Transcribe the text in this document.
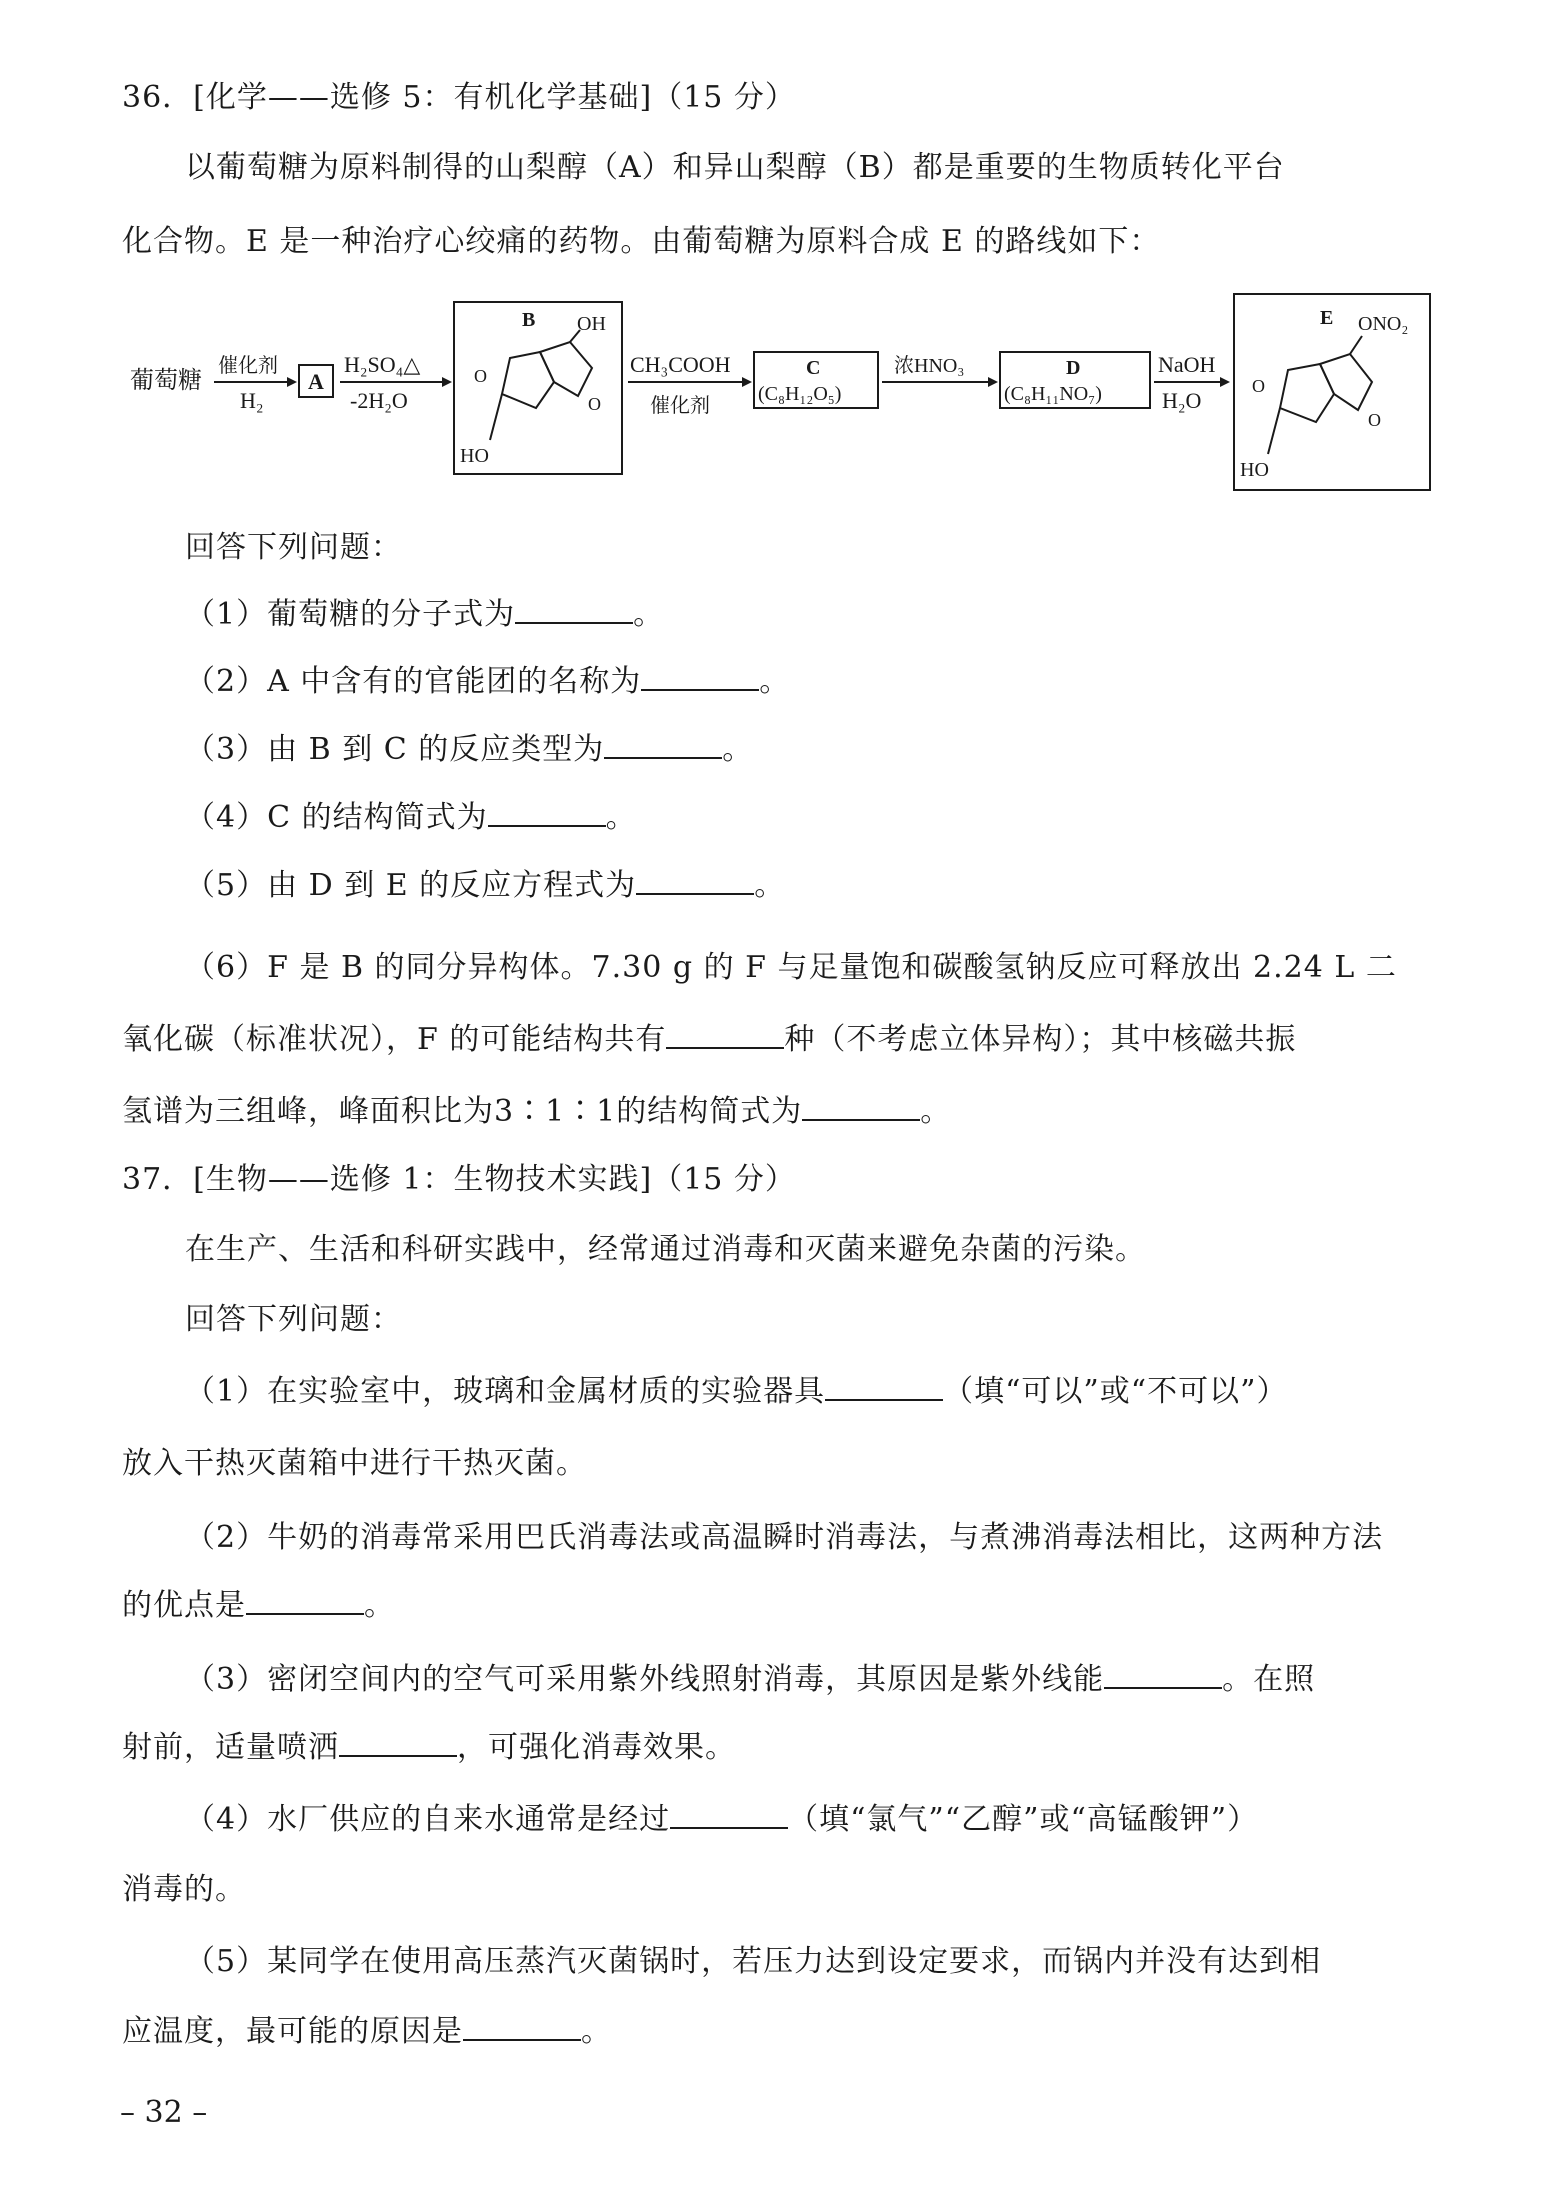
36．[化学——选修 5：有机化学基础]（15 分）
以葡萄糖为原料制得的山梨醇（A）和异山梨醇（B）都是重要的生物质转化平台
化合物。E 是一种治疗心绞痛的药物。由葡萄糖为原料合成 E 的路线如下：
葡萄糖
催化剂
H₂
A
H₂SO₄△
-2H₂O
B OH
HO
O
O
CH₃COOH
催化剂
C
(C₈H₁₂O₅)
浓HNO₃	D
(C₈H₁₁NO₇)
NaOH
H₂O
E ONO₂
HO
O
O
回答下列问题：
（1）葡萄糖的分子式为	。
（2）A 中含有的官能团的名称为	。
（3）由 B 到 C 的反应类型为	。
（4）C 的结构简式为	。
（5）由 D 到 E 的反应方程式为	。
（6）F 是 B 的同分异构体。7.30 g 的 F 与足量饱和碳酸氢钠反应可释放出 2.24 L 二
氧化碳（标准状况），F 的可能结构共有	种（不考虑立体异构）；其中核磁共振
氢谱为三组峰，峰面积比为3∶1∶1的结构简式为	。
37．[生物——选修 1：生物技术实践]（15 分）
在生产、生活和科研实践中，经常通过消毒和灭菌来避免杂菌的污染。
回答下列问题：
（1）在实验室中，玻璃和金属材质的实验器具	（填“可以”或“不可以”）
放入干热灭菌箱中进行干热灭菌。
（2）牛奶的消毒常采用巴氏消毒法或高温瞬时消毒法，与煮沸消毒法相比，这两种方法
的优点是	。
（3）密闭空间内的空气可采用紫外线照射消毒，其原因是紫外线能	。在照
射前，适量喷洒	，可强化消毒效果。
（4）水厂供应的自来水通常是经过	（填“氯气”“乙醇”或“高锰酸钾”）
消毒的。
（5）某同学在使用高压蒸汽灭菌锅时，若压力达到设定要求，而锅内并没有达到相
应温度，最可能的原因是	。
– 32 –
